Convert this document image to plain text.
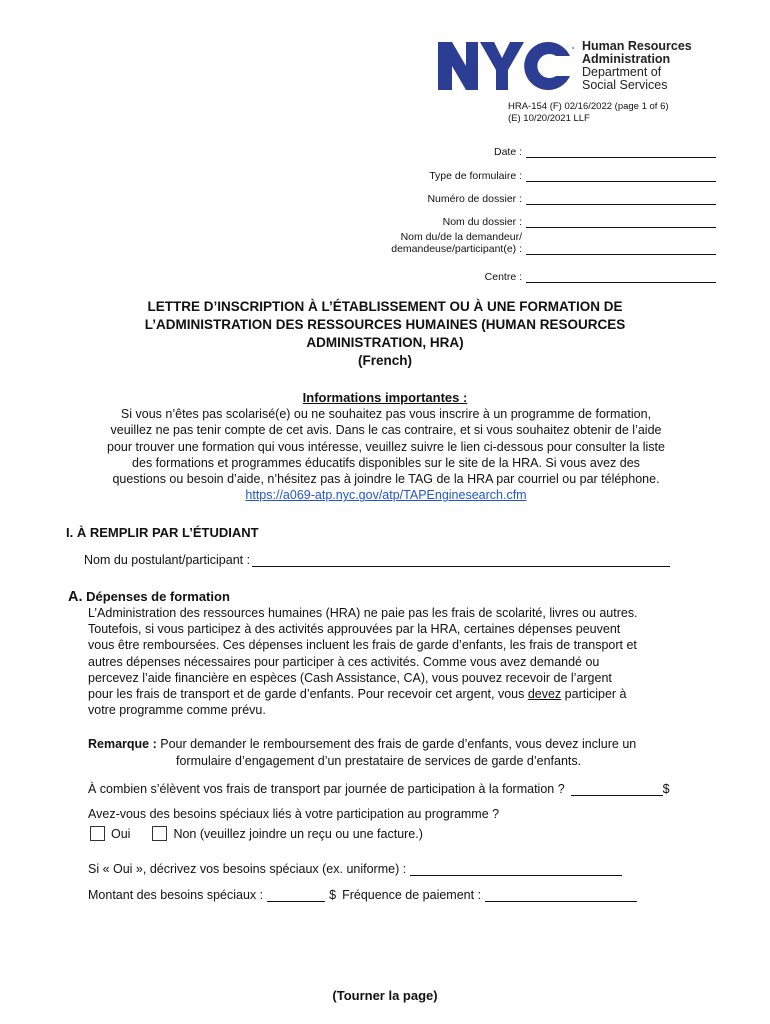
Human Resources
Administration
Department of
Social Services
HRA-154 (F) 02/16/2022 (page 1 of 6)
(E) 10/20/2021 LLF
Date :
Type de formulaire :
Numéro de dossier :
Nom du dossier :
Nom du/de la demandeur/
demandeuse/participant(e) :
Centre :
LETTRE D’INSCRIPTION À L’ÉTABLISSEMENT OU À UNE FORMATION DE
L’ADMINISTRATION DES RESSOURCES HUMAINES (HUMAN RESOURCES
ADMINISTRATION, HRA)
(French)
Informations importantes :
Si vous n’êtes pas scolarisé(e) ou ne souhaitez pas vous inscrire à un programme de formation,
veuillez ne pas tenir compte de cet avis. Dans le cas contraire, et si vous souhaitez obtenir de l’aide
pour trouver une formation qui vous intéresse, veuillez suivre le lien ci-dessous pour consulter la liste
des formations et programmes éducatifs disponibles sur le site de la HRA. Si vous avez des
questions ou besoin d’aide, n’hésitez pas à joindre le TAG de la HRA par courriel ou par téléphone.
https://a069-atp.nyc.gov/atp/TAPEnginesearch.cfm
I. À REMPLIR PAR L’ÉTUDIANT
Nom du postulant/participant :
A. Dépenses de formation
L’Administration des ressources humaines (HRA) ne paie pas les frais de scolarité, livres ou autres.
Toutefois, si vous participez à des activités approuvées par la HRA, certaines dépenses peuvent
vous être remboursées. Ces dépenses incluent les frais de garde d’enfants, les frais de transport et
autres dépenses nécessaires pour participer à ces activités. Comme vous avez demandé ou
percevez l’aide financière en espèces (Cash Assistance, CA), vous pouvez recevoir de l’argent
pour les frais de transport et de garde d’enfants. Pour recevoir cet argent, vous devez participer à
votre programme comme prévu.
Remarque : Pour demander le remboursement des frais de garde d’enfants, vous devez inclure un
formulaire d’engagement d’un prestataire de services de garde d’enfants.
À combien s’élèvent vos frais de transport par journée de participation à la formation ?	$
Avez-vous des besoins spéciaux liés à votre participation au programme ?
Oui	Non (veuillez joindre un reçu ou une facture.)
Si « Oui », décrivez vos besoins spéciaux (ex. uniforme) :
Montant des besoins spéciaux :	$ Fréquence de paiement :
(Tourner la page)
